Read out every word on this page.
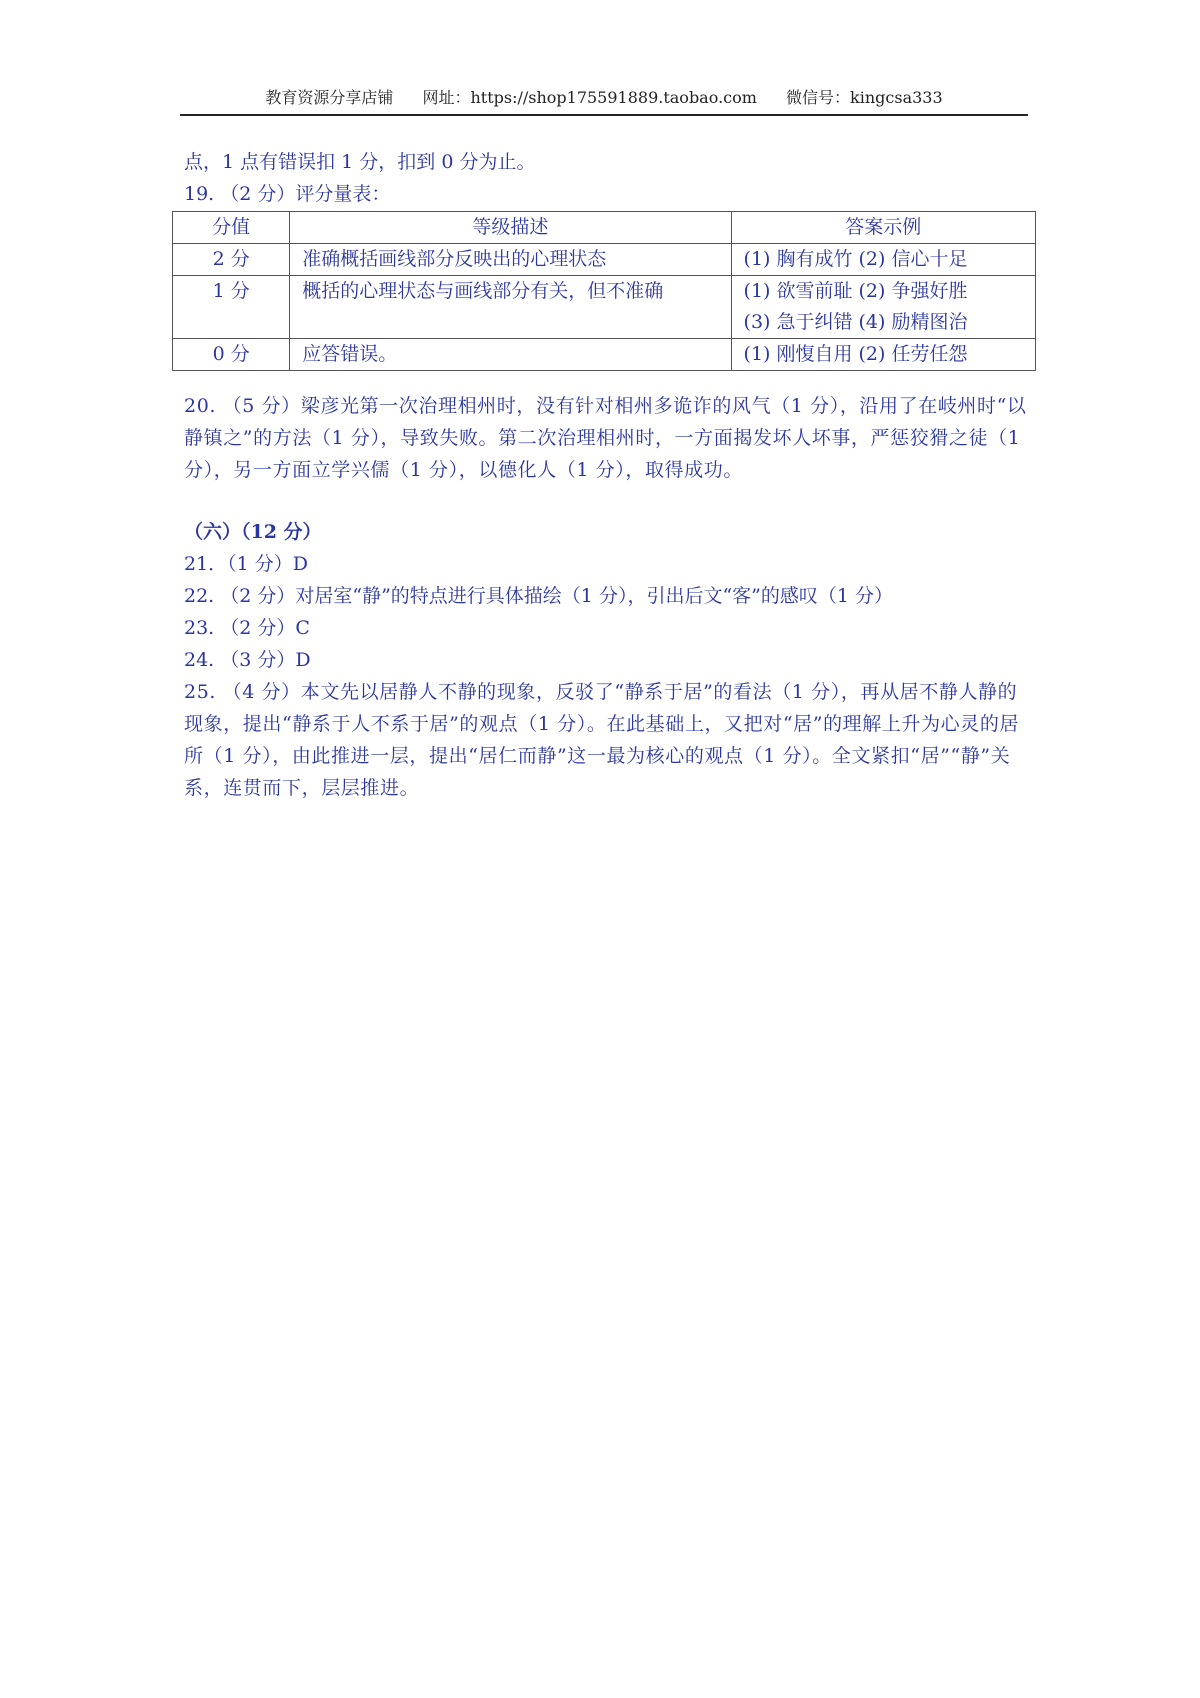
教育资源分享店铺 网址：https://shop175591889.taobao.com 微信号：kingcsa333
点，1 点有错误扣 1 分，扣到 0 分为止。
19. （2 分）评分量表：
分值	等级描述	答案示例
2 分	准确概括画线部分反映出的心理状态	(1) 胸有成竹 (2) 信心十足

1 分	概括的心理状态与画线部分有关，但不准确	(1) 欲雪前耻 (2) 争强好胜
(3) 急于纠错 (4) 励精图治

0 分	应答错误。	(1) 刚愎自用 (2) 任劳任怨
20. （5 分）梁彦光第一次治理相州时，没有针对相州多诡诈的风气（1 分），沿用了在岐州时“以静镇之”的方法（1 分），导致失败。第二次治理相州时，一方面揭发坏人坏事，严惩狡猾之徒（1 分），另一方面立学兴儒（1 分），以德化人（1 分），取得成功。
（六）（12 分）
21．（1 分）D
22. （2 分）对居室“静”的特点进行具体描绘（1 分），引出后文“客”的感叹（1 分）
23. （2 分）C
24. （3 分）D
25. （4 分）本文先以居静人不静的现象，反驳了“静系于居”的看法（1 分），再从居不静人静的现象，提出“静系于人不系于居”的观点（1 分）。在此基础上，又把对“居”的理解上升为心灵的居所（1 分），由此推进一层，提出“居仁而静”这一最为核心的观点（1 分）。全文紧扣“居”“静”关系，连贯而下，层层推进。
